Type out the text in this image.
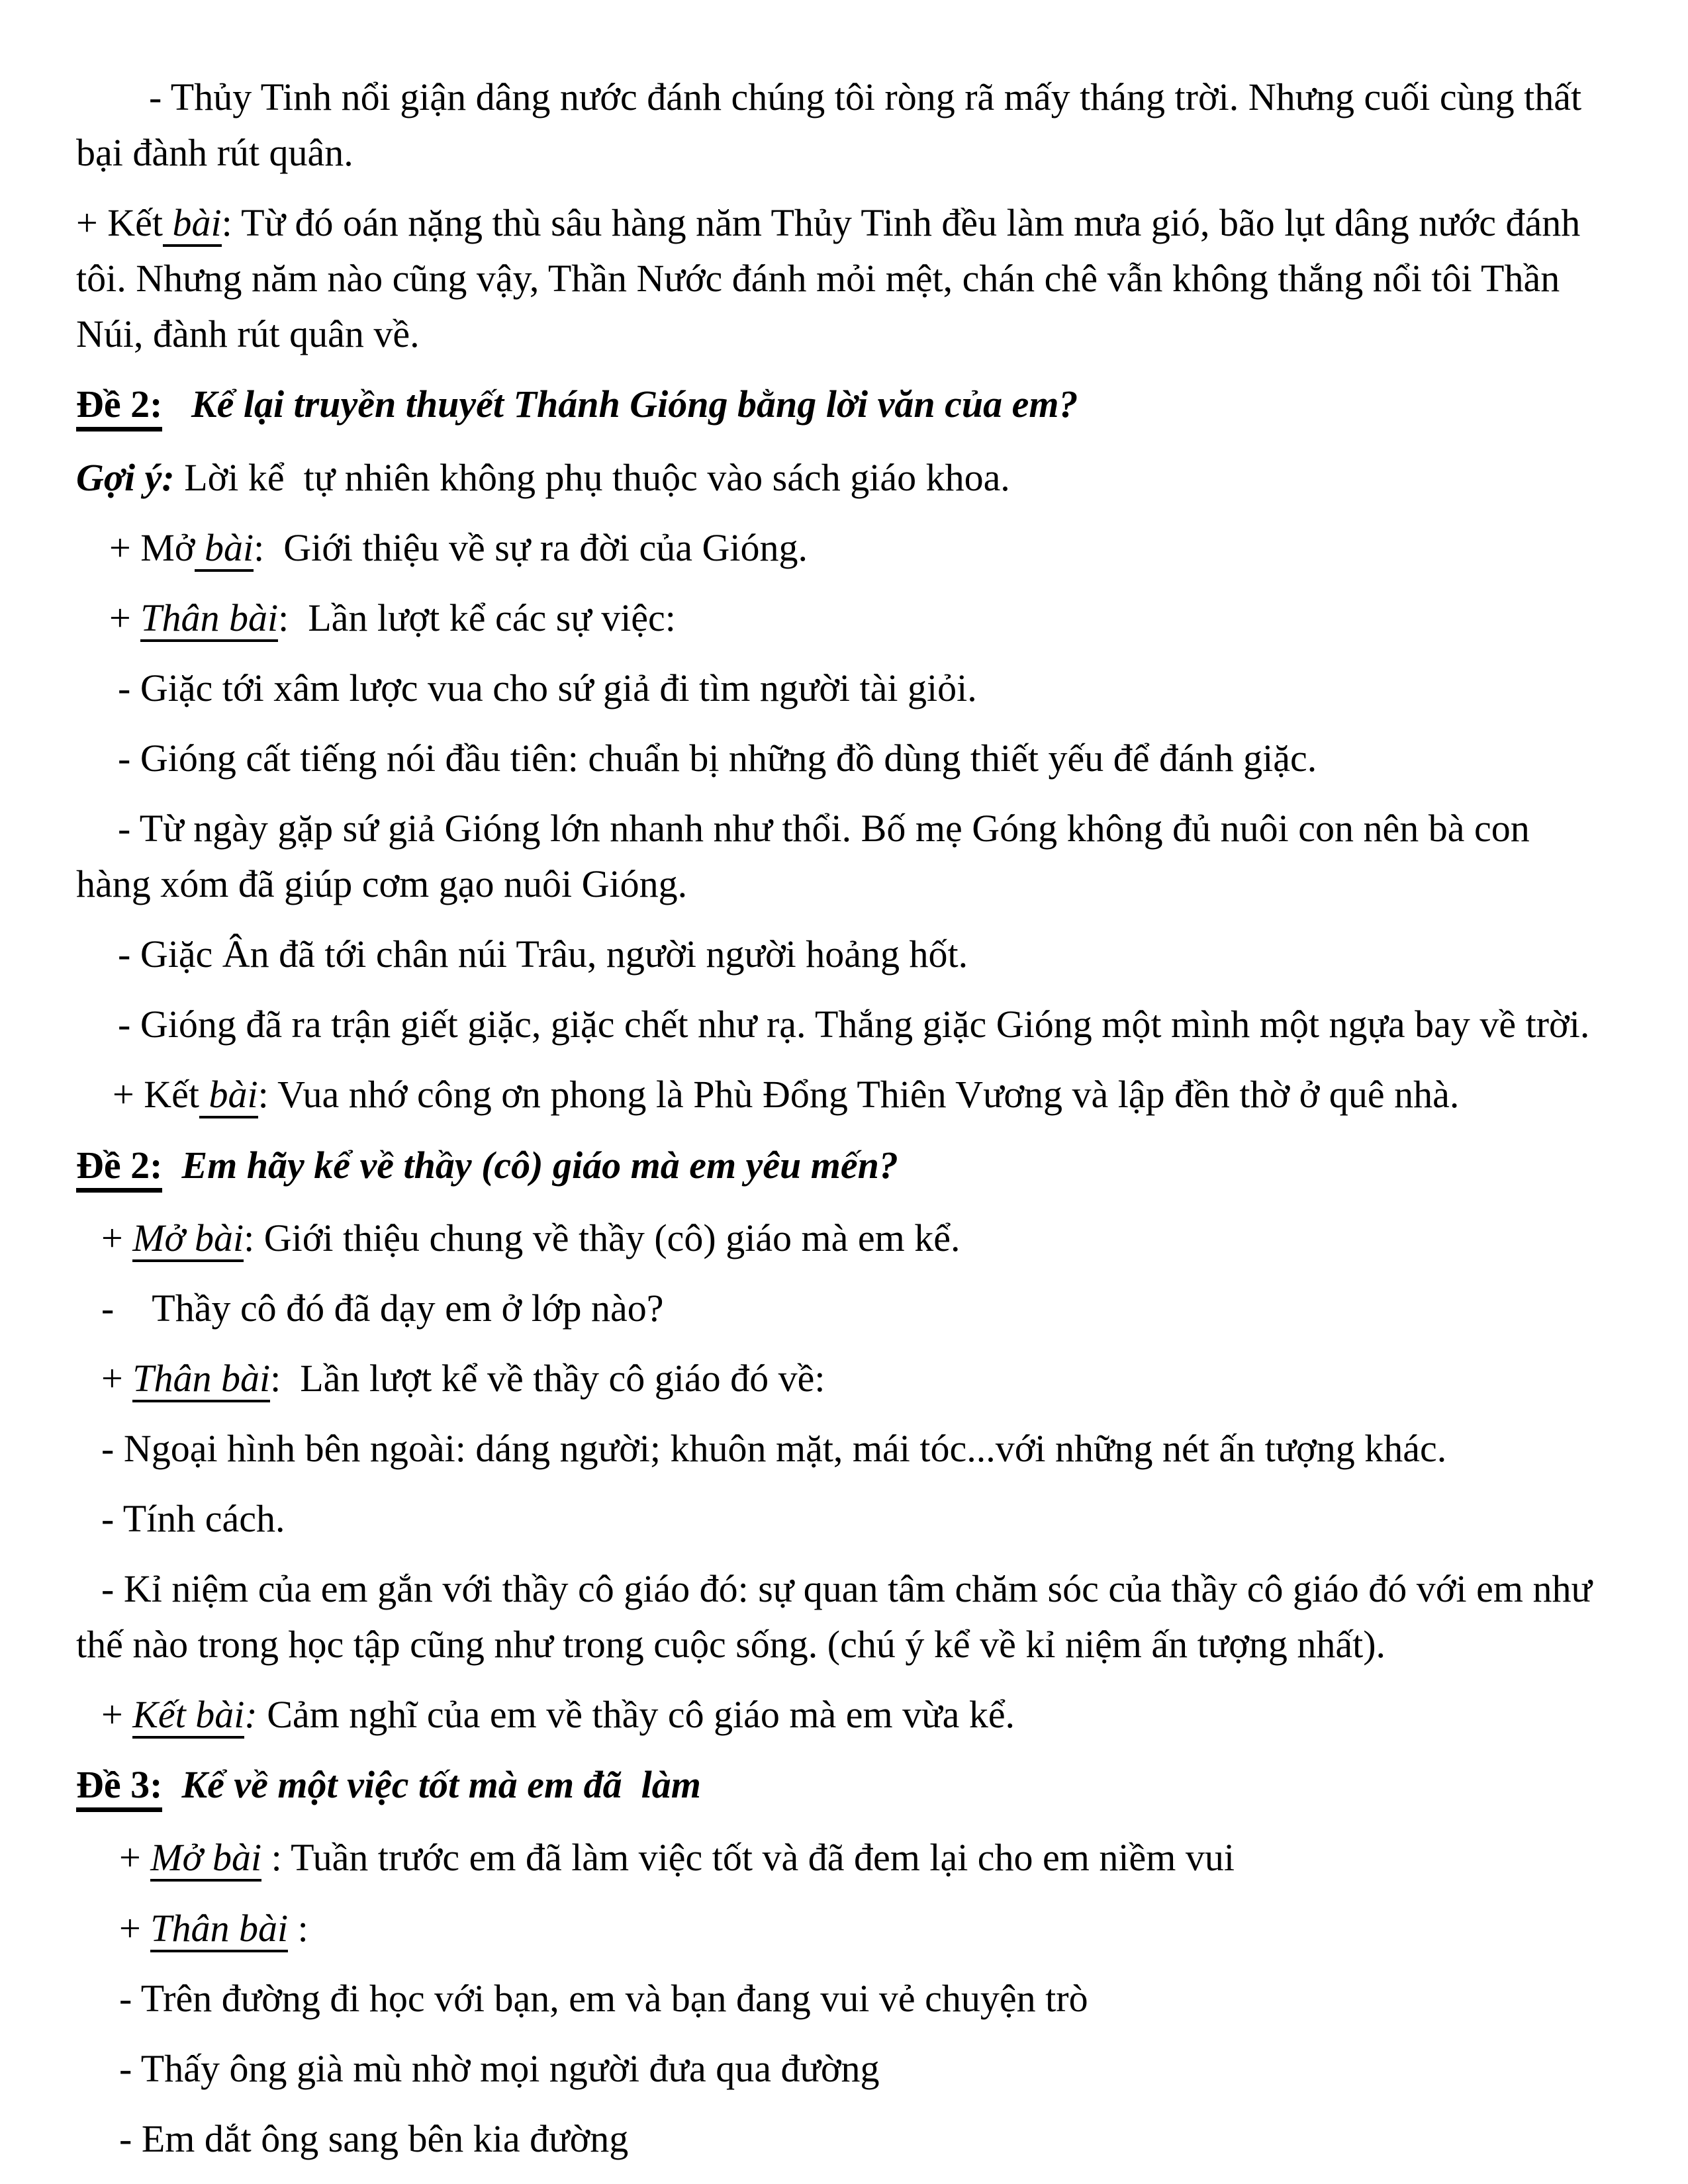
- Thủy Tinh nổi giận dâng nước đánh chúng tôi ròng rã mấy tháng trời. Nhưng cuối cùng thất bại đành rút quân.

+ Kết bài: Từ đó oán nặng thù sâu hàng năm Thủy Tinh đều làm mưa gió, bão lụt dâng nước đánh tôi. Nhưng năm nào cũng vậy, Thần Nước đánh mỏi mệt, chán chê vẫn không thắng nổi tôi Thần Núi, đành rút quân về.

Đề 2:   Kể lại truyền thuyết Thánh Gióng bằng lời văn của em?

Gợi ý: Lời kể  tự nhiên không phụ thuộc vào sách giáo khoa.

+ Mở bài:  Giới thiệu về sự ra đời của Gióng.

+ Thân bài:  Lần lượt kể các sự việc:

- Giặc tới xâm lược vua cho sứ giả đi tìm người tài giỏi.

- Gióng cất tiếng nói đầu tiên: chuẩn bị những đồ dùng thiết yếu để đánh giặc.

- Từ ngày gặp sứ giả Gióng lớn nhanh như thổi. Bố mẹ Góng không đủ nuôi con nên bà con hàng xóm đã giúp cơm gạo nuôi Gióng.

- Giặc Ân đã tới chân núi Trâu, người người hoảng hốt.

- Gióng đã ra trận giết giặc, giặc chết như rạ. Thắng giặc Gióng một mình một ngựa bay về trời.

+ Kết bài: Vua nhớ công ơn phong là Phù Đổng Thiên Vương và lập đền thờ ở quê nhà.

Đề 2:  Em hãy kể về thầy (cô) giáo mà em yêu mến?

+ Mở bài: Giới thiệu chung về thầy (cô) giáo mà em kể.

-    Thầy cô đó đã dạy em ở lớp nào?

+ Thân bài:  Lần lượt kể về thầy cô giáo đó về:

- Ngoại hình bên ngoài: dáng người; khuôn mặt, mái tóc...với những nét ấn tượng khác.

- Tính cách.

- Kỉ niệm của em gắn với thầy cô giáo đó: sự quan tâm chăm sóc của thầy cô giáo đó với em như thế nào trong học tập cũng như trong cuộc sống. (chú ý kể về kỉ niệm ấn tượng nhất).

+ Kết bài: Cảm nghĩ của em về thầy cô giáo mà em vừa kể.

Đề 3:  Kể về một việc tốt mà em đã  làm

+ Mở bài : Tuần trước em đã làm việc tốt và đã đem lại cho em niềm vui

+ Thân bài :

- Trên đường đi học với bạn, em và bạn đang vui vẻ chuyện trò

- Thấy ông già mù nhờ mọi người đưa qua đường

- Em dắt ông sang bên kia đường
